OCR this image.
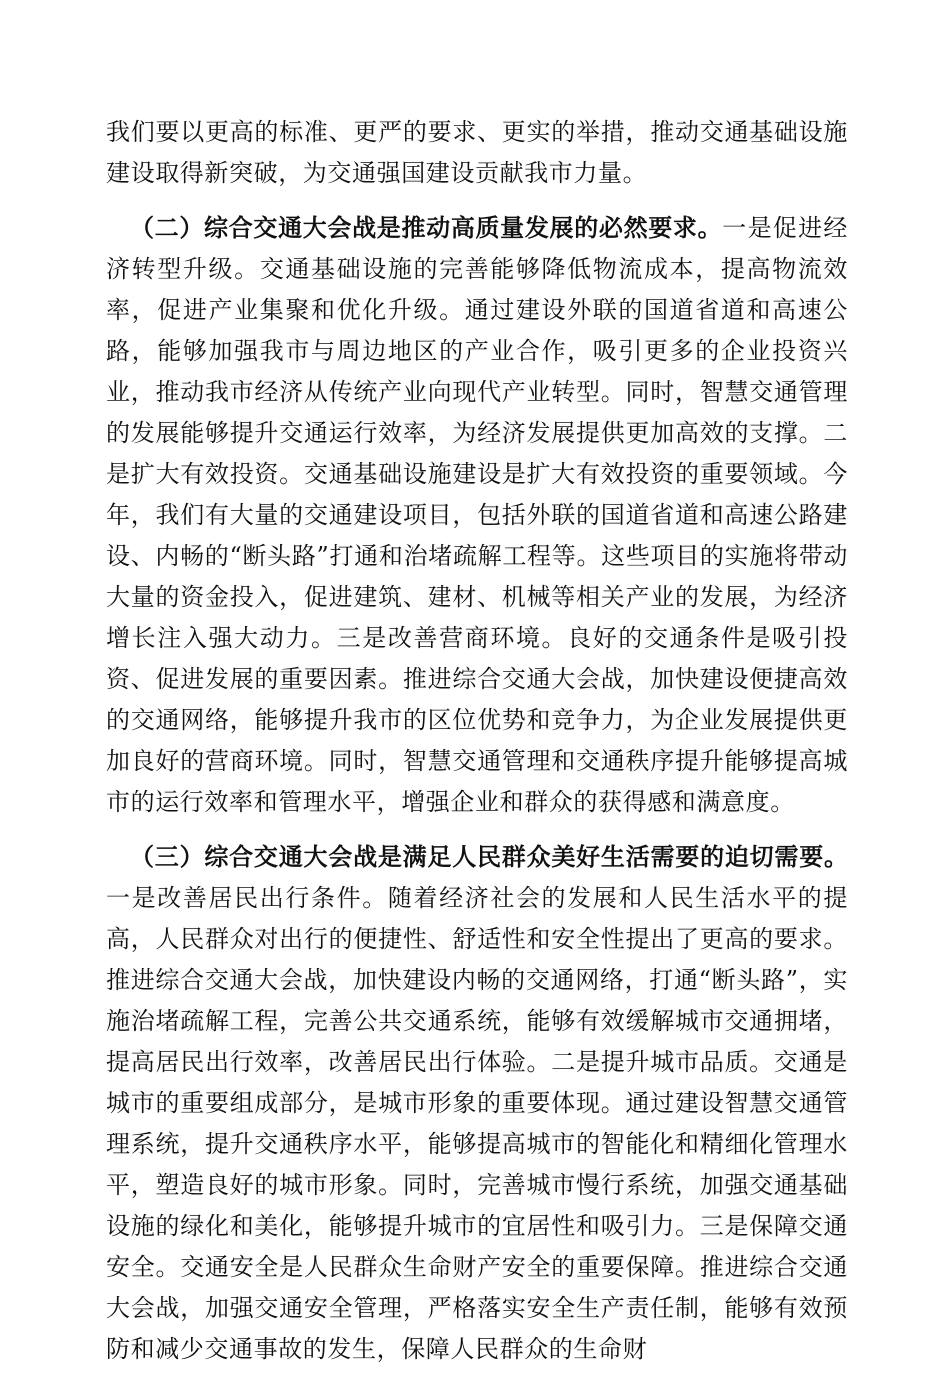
我们要以更高的标准、更严的要求、更实的举措，推动交通基础设施建设取得新突破，为交通强国建设贡献我市力量。

（二）综合交通大会战是推动高质量发展的必然要求。一是促进经济转型升级。交通基础设施的完善能够降低物流成本，提高物流效率，促进产业集聚和优化升级。通过建设外联的国道省道和高速公路，能够加强我市与周边地区的产业合作，吸引更多的企业投资兴业，推动我市经济从传统产业向现代产业转型。同时，智慧交通管理的发展能够提升交通运行效率，为经济发展提供更加高效的支撑。二是扩大有效投资。交通基础设施建设是扩大有效投资的重要领域。今年，我们有大量的交通建设项目，包括外联的国道省道和高速公路建设、内畅的“断头路”打通和治堵疏解工程等。这些项目的实施将带动大量的资金投入，促进建筑、建材、机械等相关产业的发展，为经济增长注入强大动力。三是改善营商环境。良好的交通条件是吸引投资、促进发展的重要因素。推进综合交通大会战，加快建设便捷高效的交通网络，能够提升我市的区位优势和竞争力，为企业发展提供更加良好的营商环境。同时，智慧交通管理和交通秩序提升能够提高城市的运行效率和管理水平，增强企业和群众的获得感和满意度。

（三）综合交通大会战是满足人民群众美好生活需要的迫切需要。一是改善居民出行条件。随着经济社会的发展和人民生活水平的提高，人民群众对出行的便捷性、舒适性和安全性提出了更高的要求。推进综合交通大会战，加快建设内畅的交通网络，打通“断头路”，实施治堵疏解工程，完善公共交通系统，能够有效缓解城市交通拥堵，提高居民出行效率，改善居民出行体验。二是提升城市品质。交通是城市的重要组成部分，是城市形象的重要体现。通过建设智慧交通管理系统，提升交通秩序水平，能够提高城市的智能化和精细化管理水平，塑造良好的城市形象。同时，完善城市慢行系统，加强交通基础设施的绿化和美化，能够提升城市的宜居性和吸引力。三是保障交通安全。交通安全是人民群众生命财产安全的重要保障。推进综合交通大会战，加强交通安全管理，严格落实安全生产责任制，能够有效预防和减少交通事故的发生，保障人民群众的生命财
